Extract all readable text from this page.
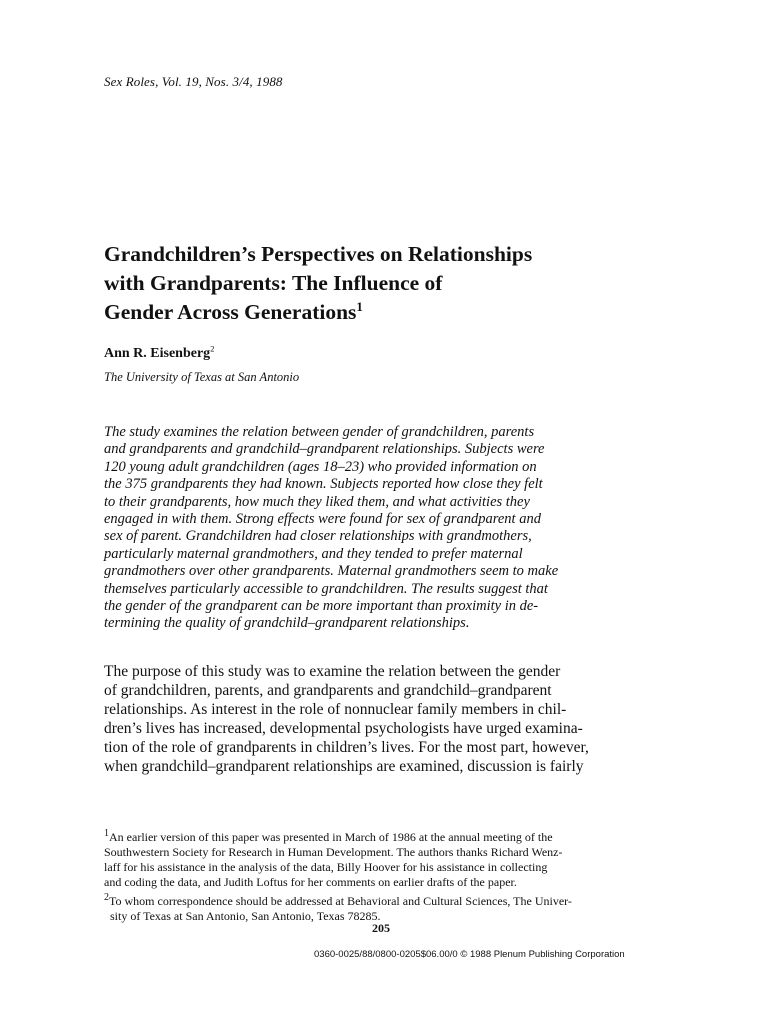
Sex Roles, Vol. 19, Nos. 3/4, 1988
Grandchildren’s Perspectives on Relationships
with Grandparents: The Influence of
Gender Across Generations$^1$
Ann R. Eisenberg$^2$
The University of Texas at San Antonio

The study examines the relation between gender of grandchildren, parents
and grandparents and grandchild–grandparent relationships. Subjects were
120 young adult grandchildren (ages 18–23) who provided information on
the 375 grandparents they had known. Subjects reported how close they felt
to their grandparents, how much they liked them, and what activities they
engaged in with them. Strong effects were found for sex of grandparent and
sex of parent. Grandchildren had closer relationships with grandmothers,
particularly maternal grandmothers, and they tended to prefer maternal
grandmothers over other grandparents. Maternal grandmothers seem to make
themselves particularly accessible to grandchildren. The results suggest that
the gender of the grandparent can be more important than proximity in de-
termining the quality of grandchild–grandparent relationships.

The purpose of this study was to examine the relation between the gender
of grandchildren, parents, and grandparents and grandchild–grandparent
relationships. As interest in the role of nonnuclear family members in chil-
dren’s lives has increased, developmental psychologists have urged examina-
tion of the role of grandparents in children’s lives. For the most part, however,
when grandchild–grandparent relationships are examined, discussion is fairly

$^1$An earlier version of this paper was presented in March of 1986 at the annual meeting of the
Southwestern Society for Research in Human Development. The authors thanks Richard Wenz-
laff for his assistance in the analysis of the data, Billy Hoover for his assistance in collecting
and coding the data, and Judith Loftus for her comments on earlier drafts of the paper.
$^2$To whom correspondence should be addressed at Behavioral and Cultural Sciences, The Univer-
sity of Texas at San Antonio, San Antonio, Texas 78285.
205
0360-0025/88/0800-0205$06.00/0 © 1988 Plenum Publishing Corporation
